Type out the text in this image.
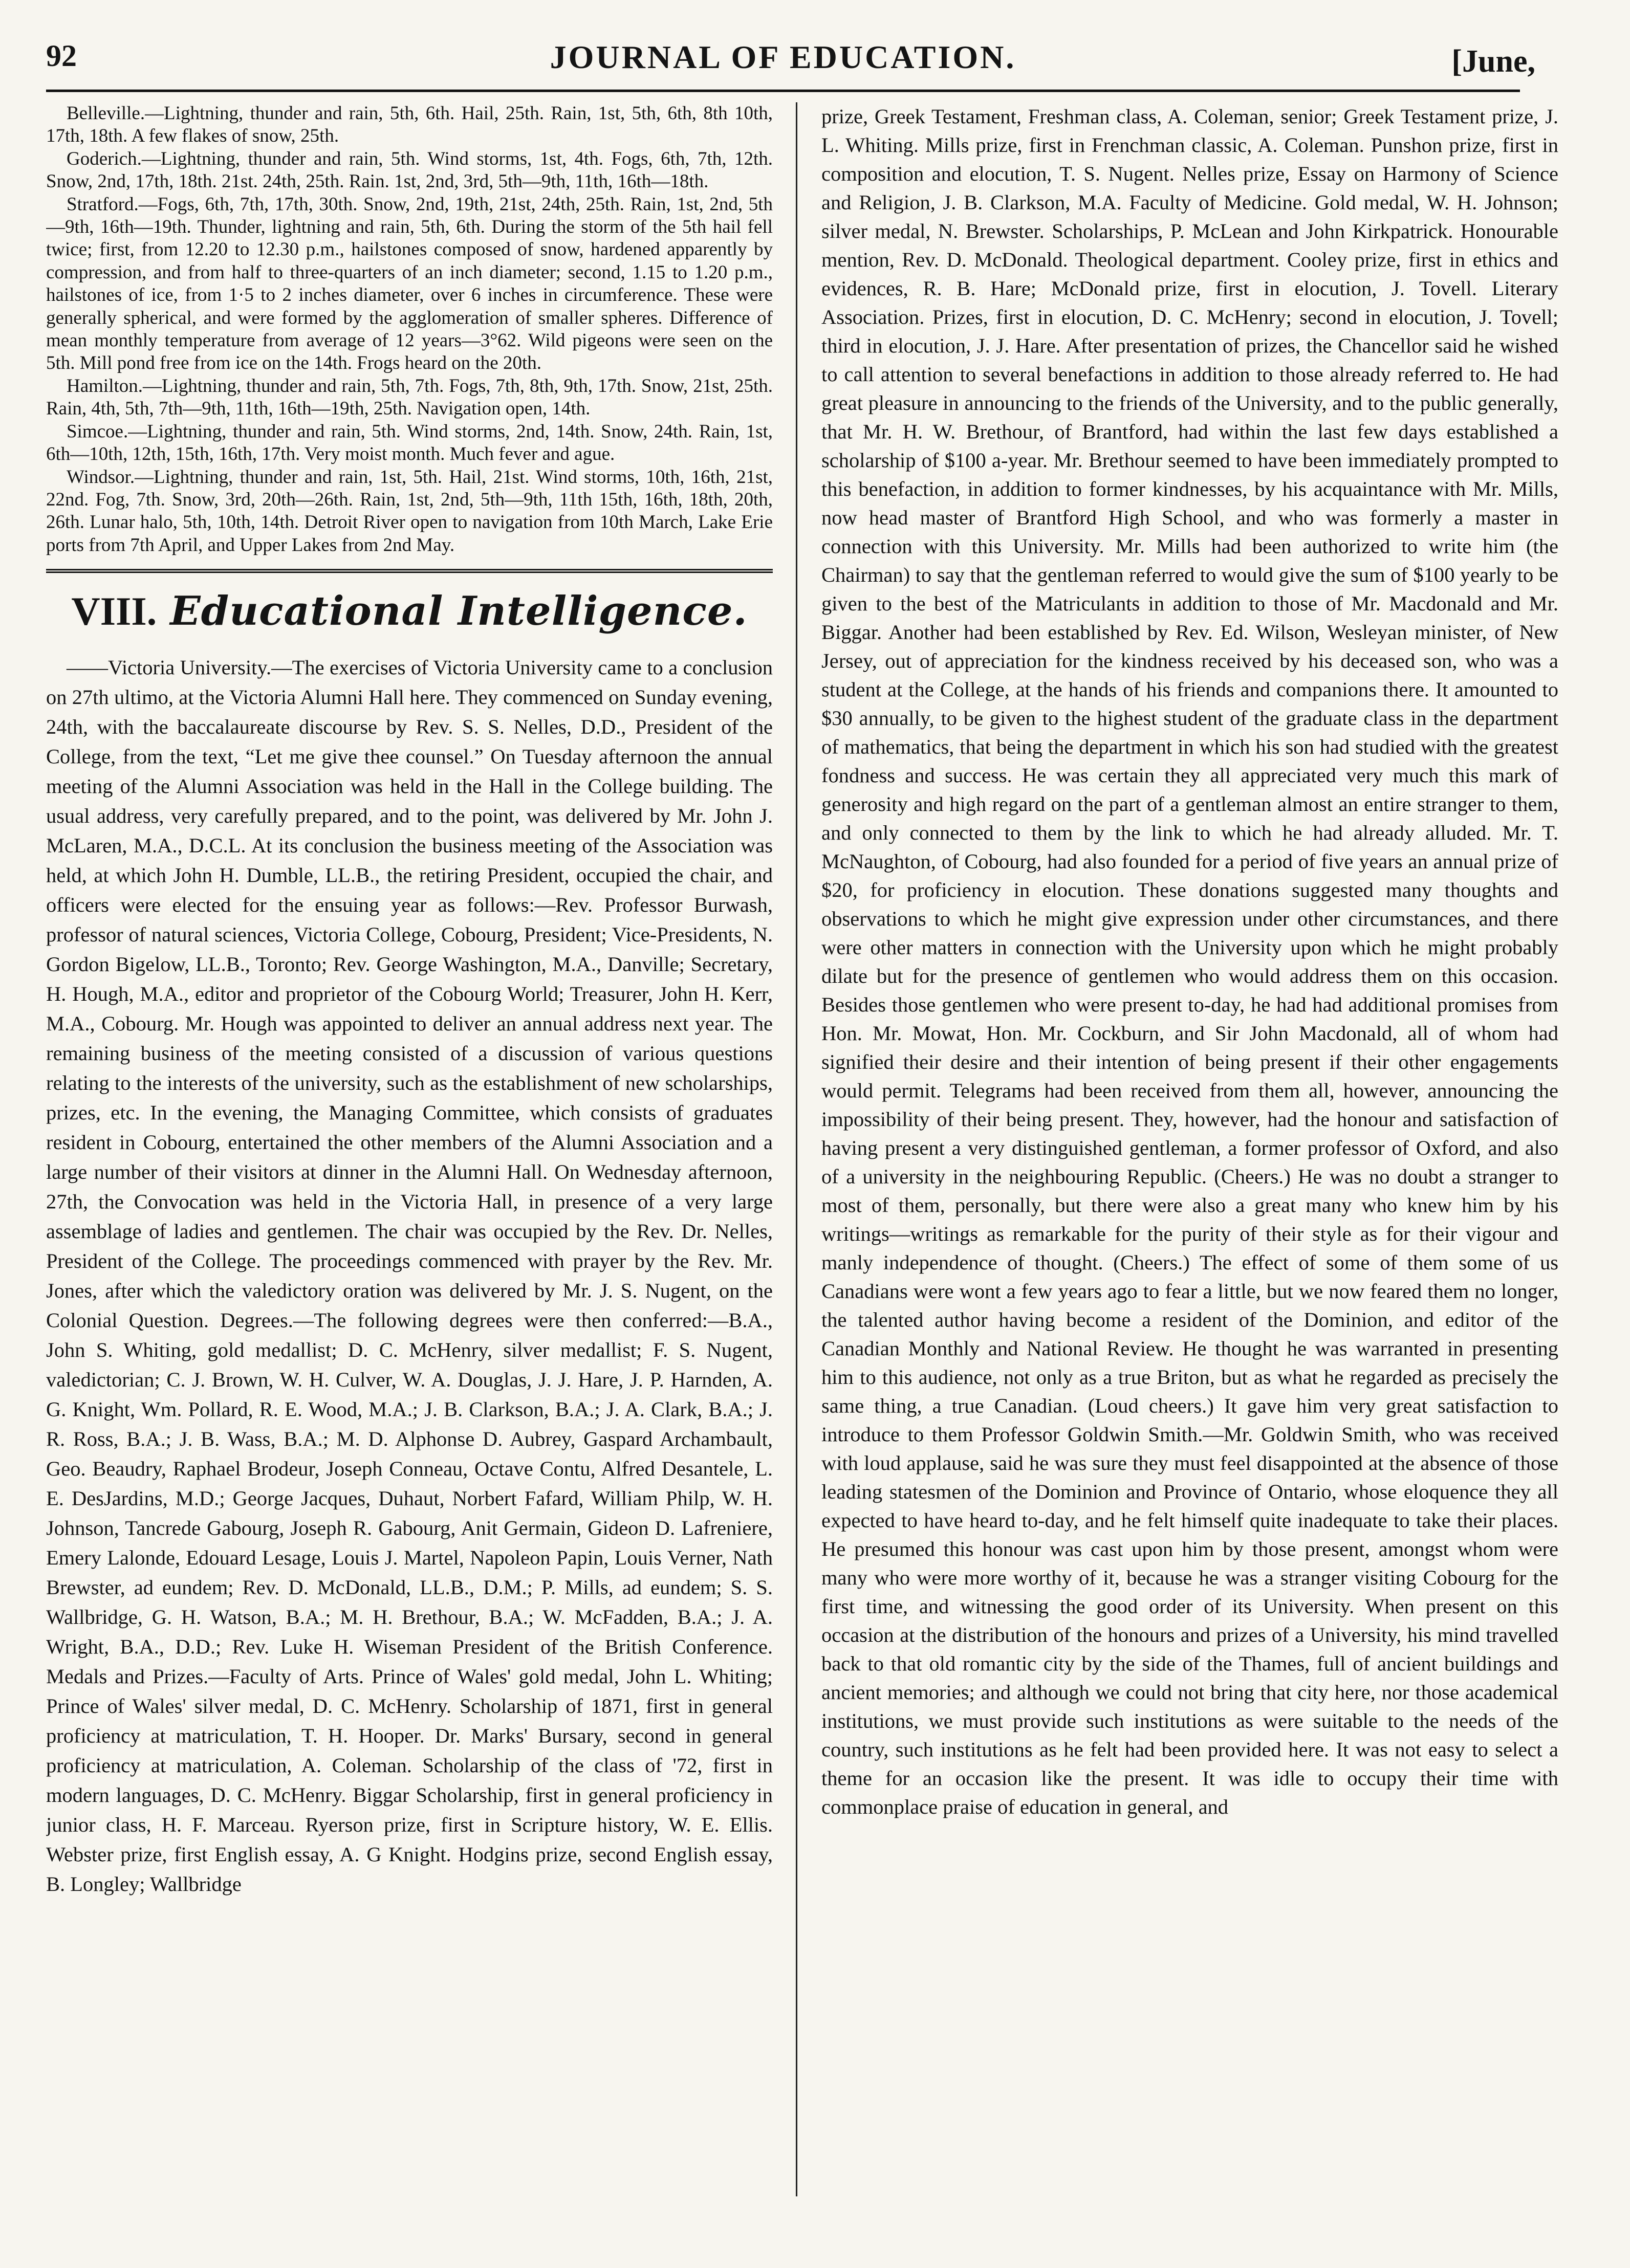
92	JOURNAL OF EDUCATION.	[June,

Belleville.—Lightning, thunder and rain, 5th, 6th. Hail, 25th. Rain, 1st, 5th, 6th, 8th 10th, 17th, 18th. A few flakes of snow, 25th.

Goderich.—Lightning, thunder and rain, 5th. Wind storms, 1st, 4th. Fogs, 6th, 7th, 12th. Snow, 2nd, 17th, 18th. 21st. 24th, 25th. Rain. 1st, 2nd, 3rd, 5th—9th, 11th, 16th—18th.

Stratford.—Fogs, 6th, 7th, 17th, 30th. Snow, 2nd, 19th, 21st, 24th, 25th. Rain, 1st, 2nd, 5th—9th, 16th—19th. Thunder, lightning and rain, 5th, 6th. During the storm of the 5th hail fell twice; first, from 12.20 to 12.30 p.m., hailstones composed of snow, hardened apparently by compression, and from half to three-quarters of an inch diameter; second, 1.15 to 1.20 p.m., hailstones of ice, from 1·5 to 2 inches diameter, over 6 inches in circumference. These were generally spherical, and were formed by the agglomeration of smaller spheres. Difference of mean monthly temperature from average of 12 years—3°62. Wild pigeons were seen on the 5th. Mill pond free from ice on the 14th. Frogs heard on the 20th.

Hamilton.—Lightning, thunder and rain, 5th, 7th. Fogs, 7th, 8th, 9th, 17th. Snow, 21st, 25th. Rain, 4th, 5th, 7th—9th, 11th, 16th—19th, 25th. Navigation open, 14th.

Simcoe.—Lightning, thunder and rain, 5th. Wind storms, 2nd, 14th. Snow, 24th. Rain, 1st, 6th—10th, 12th, 15th, 16th, 17th. Very moist month. Much fever and ague.

Windsor.—Lightning, thunder and rain, 1st, 5th. Hail, 21st. Wind storms, 10th, 16th, 21st, 22nd. Fog, 7th. Snow, 3rd, 20th—26th. Rain, 1st, 2nd, 5th—9th, 11th 15th, 16th, 18th, 20th, 26th. Lunar halo, 5th, 10th, 14th. Detroit River open to navigation from 10th March, Lake Erie ports from 7th April, and Upper Lakes from 2nd May.

VIII. Educational Intelligence.

——Victoria University.—The exercises of Victoria University came to a conclusion on 27th ultimo, at the Victoria Alumni Hall here. They commenced on Sunday evening, 24th, with the baccalaureate discourse by Rev. S. S. Nelles, D.D., President of the College, from the text, “Let me give thee counsel.” On Tuesday afternoon the annual meeting of the Alumni Association was held in the Hall in the College building. The usual address, very carefully prepared, and to the point, was delivered by Mr. John J. McLaren, M.A., D.C.L. At its conclusion the business meeting of the Association was held, at which John H. Dumble, LL.B., the retiring President, occupied the chair, and officers were elected for the ensuing year as follows:—Rev. Professor Burwash, professor of natural sciences, Victoria College, Cobourg, President; Vice-Presidents, N. Gordon Bigelow, LL.B., Toronto; Rev. George Washington, M.A., Danville; Secretary, H. Hough, M.A., editor and proprietor of the Cobourg World; Treasurer, John H. Kerr, M.A., Cobourg. Mr. Hough was appointed to deliver an annual address next year. The remaining business of the meeting consisted of a discussion of various questions relating to the interests of the university, such as the establishment of new scholarships, prizes, etc. In the evening, the Managing Committee, which consists of graduates resident in Cobourg, entertained the other members of the Alumni Association and a large number of their visitors at dinner in the Alumni Hall. On Wednesday afternoon, 27th, the Convocation was held in the Victoria Hall, in presence of a very large assemblage of ladies and gentlemen. The chair was occupied by the Rev. Dr. Nelles, President of the College. The proceedings commenced with prayer by the Rev. Mr. Jones, after which the valedictory oration was delivered by Mr. J. S. Nugent, on the Colonial Question. Degrees.—The following degrees were then conferred:—B.A., John S. Whiting, gold medallist; D. C. McHenry, silver medallist; F. S. Nugent, valedictorian; C. J. Brown, W. H. Culver, W. A. Douglas, J. J. Hare, J. P. Harnden, A. G. Knight, Wm. Pollard, R. E. Wood, M.A.; J. B. Clarkson, B.A.; J. A. Clark, B.A.; J. R. Ross, B.A.; J. B. Wass, B.A.; M. D. Alphonse D. Aubrey, Gaspard Archambault, Geo. Beaudry, Raphael Brodeur, Joseph Conneau, Octave Contu, Alfred Desantele, L. E. DesJardins, M.D.; George Jacques, Duhaut, Norbert Fafard, William Philp, W. H. Johnson, Tancrede Gabourg, Joseph R. Gabourg, Anit Germain, Gideon D. Lafreniere, Emery Lalonde, Edouard Lesage, Louis J. Martel, Napoleon Papin, Louis Verner, Nath Brewster, ad eundem; Rev. D. McDonald, LL.B., D.M.; P. Mills, ad eundem; S. S. Wallbridge, G. H. Watson, B.A.; M. H. Brethour, B.A.; W. McFadden, B.A.; J. A. Wright, B.A., D.D.; Rev. Luke H. Wiseman President of the British Conference. Medals and Prizes.—Faculty of Arts. Prince of Wales' gold medal, John L. Whiting; Prince of Wales' silver medal, D. C. McHenry. Scholarship of 1871, first in general proficiency at matriculation, T. H. Hooper. Dr. Marks' Bursary, second in general proficiency at matriculation, A. Coleman. Scholarship of the class of '72, first in modern languages, D. C. McHenry. Biggar Scholarship, first in general proficiency in junior class, H. F. Marceau. Ryerson prize, first in Scripture history, W. E. Ellis. Webster prize, first English essay, A. G Knight. Hodgins prize, second English essay, B. Longley; Wallbridge

prize, Greek Testament, Freshman class, A. Coleman, senior; Greek Testament prize, J. L. Whiting. Mills prize, first in Frenchman classic, A. Coleman. Punshon prize, first in composition and elocution, T. S. Nugent. Nelles prize, Essay on Harmony of Science and Religion, J. B. Clarkson, M.A. Faculty of Medicine. Gold medal, W. H. Johnson; silver medal, N. Brewster. Scholarships, P. McLean and John Kirkpatrick. Honourable mention, Rev. D. McDonald. Theological department. Cooley prize, first in ethics and evidences, R. B. Hare; McDonald prize, first in elocution, J. Tovell. Literary Association. Prizes, first in elocution, D. C. McHenry; second in elocution, J. Tovell; third in elocution, J. J. Hare. After presentation of prizes, the Chancellor said he wished to call attention to several benefactions in addition to those already referred to. He had great pleasure in announcing to the friends of the University, and to the public generally, that Mr. H. W. Brethour, of Brantford, had within the last few days established a scholarship of $100 a-year. Mr. Brethour seemed to have been immediately prompted to this benefaction, in addition to former kindnesses, by his acquaintance with Mr. Mills, now head master of Brantford High School, and who was formerly a master in connection with this University. Mr. Mills had been authorized to write him (the Chairman) to say that the gentleman referred to would give the sum of $100 yearly to be given to the best of the Matriculants in addition to those of Mr. Macdonald and Mr. Biggar. Another had been established by Rev. Ed. Wilson, Wesleyan minister, of New Jersey, out of appreciation for the kindness received by his deceased son, who was a student at the College, at the hands of his friends and companions there. It amounted to $30 annually, to be given to the highest student of the graduate class in the department of mathematics, that being the department in which his son had studied with the greatest fondness and success. He was certain they all appreciated very much this mark of generosity and high regard on the part of a gentleman almost an entire stranger to them, and only connected to them by the link to which he had already alluded. Mr. T. McNaughton, of Cobourg, had also founded for a period of five years an annual prize of $20, for proficiency in elocution. These donations suggested many thoughts and observations to which he might give expression under other circumstances, and there were other matters in connection with the University upon which he might probably dilate but for the presence of gentlemen who would address them on this occasion. Besides those gentlemen who were present to-day, he had had additional promises from Hon. Mr. Mowat, Hon. Mr. Cockburn, and Sir John Macdonald, all of whom had signified their desire and their intention of being present if their other engagements would permit. Telegrams had been received from them all, however, announcing the impossibility of their being present. They, however, had the honour and satisfaction of having present a very distinguished gentleman, a former professor of Oxford, and also of a university in the neighbouring Republic. (Cheers.) He was no doubt a stranger to most of them, personally, but there were also a great many who knew him by his writings—writings as remarkable for the purity of their style as for their vigour and manly independence of thought. (Cheers.) The effect of some of them some of us Canadians were wont a few years ago to fear a little, but we now feared them no longer, the talented author having become a resident of the Dominion, and editor of the Canadian Monthly and National Review. He thought he was warranted in presenting him to this audience, not only as a true Briton, but as what he regarded as precisely the same thing, a true Canadian. (Loud cheers.) It gave him very great satisfaction to introduce to them Professor Goldwin Smith.—Mr. Goldwin Smith, who was received with loud applause, said he was sure they must feel disappointed at the absence of those leading statesmen of the Dominion and Province of Ontario, whose eloquence they all expected to have heard to-day, and he felt himself quite inadequate to take their places. He presumed this honour was cast upon him by those present, amongst whom were many who were more worthy of it, because he was a stranger visiting Cobourg for the first time, and witnessing the good order of its University. When present on this occasion at the distribution of the honours and prizes of a University, his mind travelled back to that old romantic city by the side of the Thames, full of ancient buildings and ancient memories; and although we could not bring that city here, nor those academical institutions, we must provide such institutions as were suitable to the needs of the country, such institutions as he felt had been provided here. It was not easy to select a theme for an occasion like the present. It was idle to occupy their time with commonplace praise of education in general, and
